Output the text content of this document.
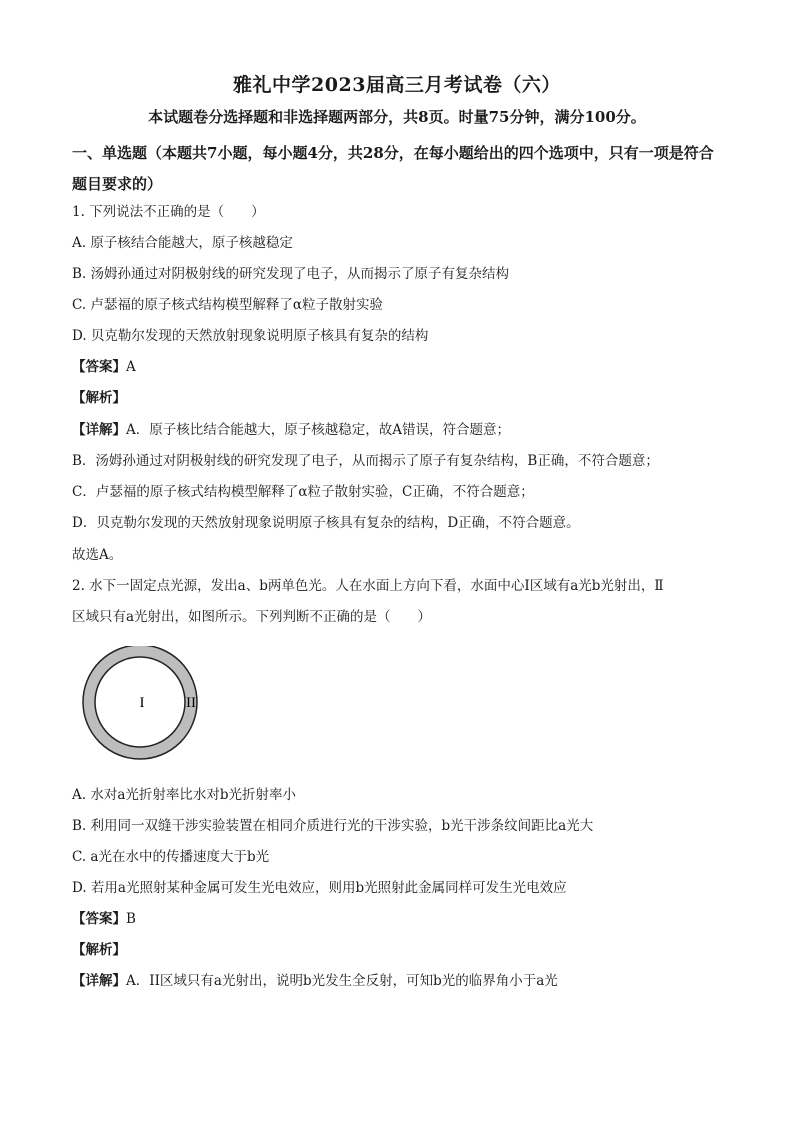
雅礼中学2023届高三月考试卷（六）
本试题卷分选择题和非选择题两部分，共8页。时量75分钟，满分100分。
一、单选题（本题共7小题，每小题4分，共28分，在每小题给出的四个选项中，只有一项是符合题目要求的）
1. 下列说法不正确的是（　　）
A. 原子核结合能越大，原子核越稳定
B. 汤姆孙通过对阴极射线的研究发现了电子，从而揭示了原子有复杂结构
C. 卢瑟福的原子核式结构模型解释了α粒子散射实验
D. 贝克勒尔发现的天然放射现象说明原子核具有复杂的结构
【答案】A
【解析】
【详解】A．原子核比结合能越大，原子核越稳定，故A错误，符合题意；
B．汤姆孙通过对阴极射线的研究发现了电子，从而揭示了原子有复杂结构，B正确，不符合题意；
C．卢瑟福的原子核式结构模型解释了α粒子散射实验，C正确，不符合题意；
D．贝克勒尔发现的天然放射现象说明原子核具有复杂的结构，D正确，不符合题意。
故选A。
2. 水下一固定点光源，发出a、b两单色光。人在水面上方向下看，水面中心Ⅰ区域有a光b光射出，Ⅱ
区域只有a光射出，如图所示。下列判断不正确的是（　　）
I	II
A. 水对a光折射率比水对b光折射率小
B. 利用同一双缝干涉实验装置在相同介质进行光的干涉实验，b光干涉条纹间距比a光大
C. a光在水中的传播速度大于b光
D. 若用a光照射某种金属可发生光电效应，则用b光照射此金属同样可发生光电效应
【答案】B
【解析】
【详解】A．II区域只有a光射出，说明b光发生全反射，可知b光的临界角小于a光
